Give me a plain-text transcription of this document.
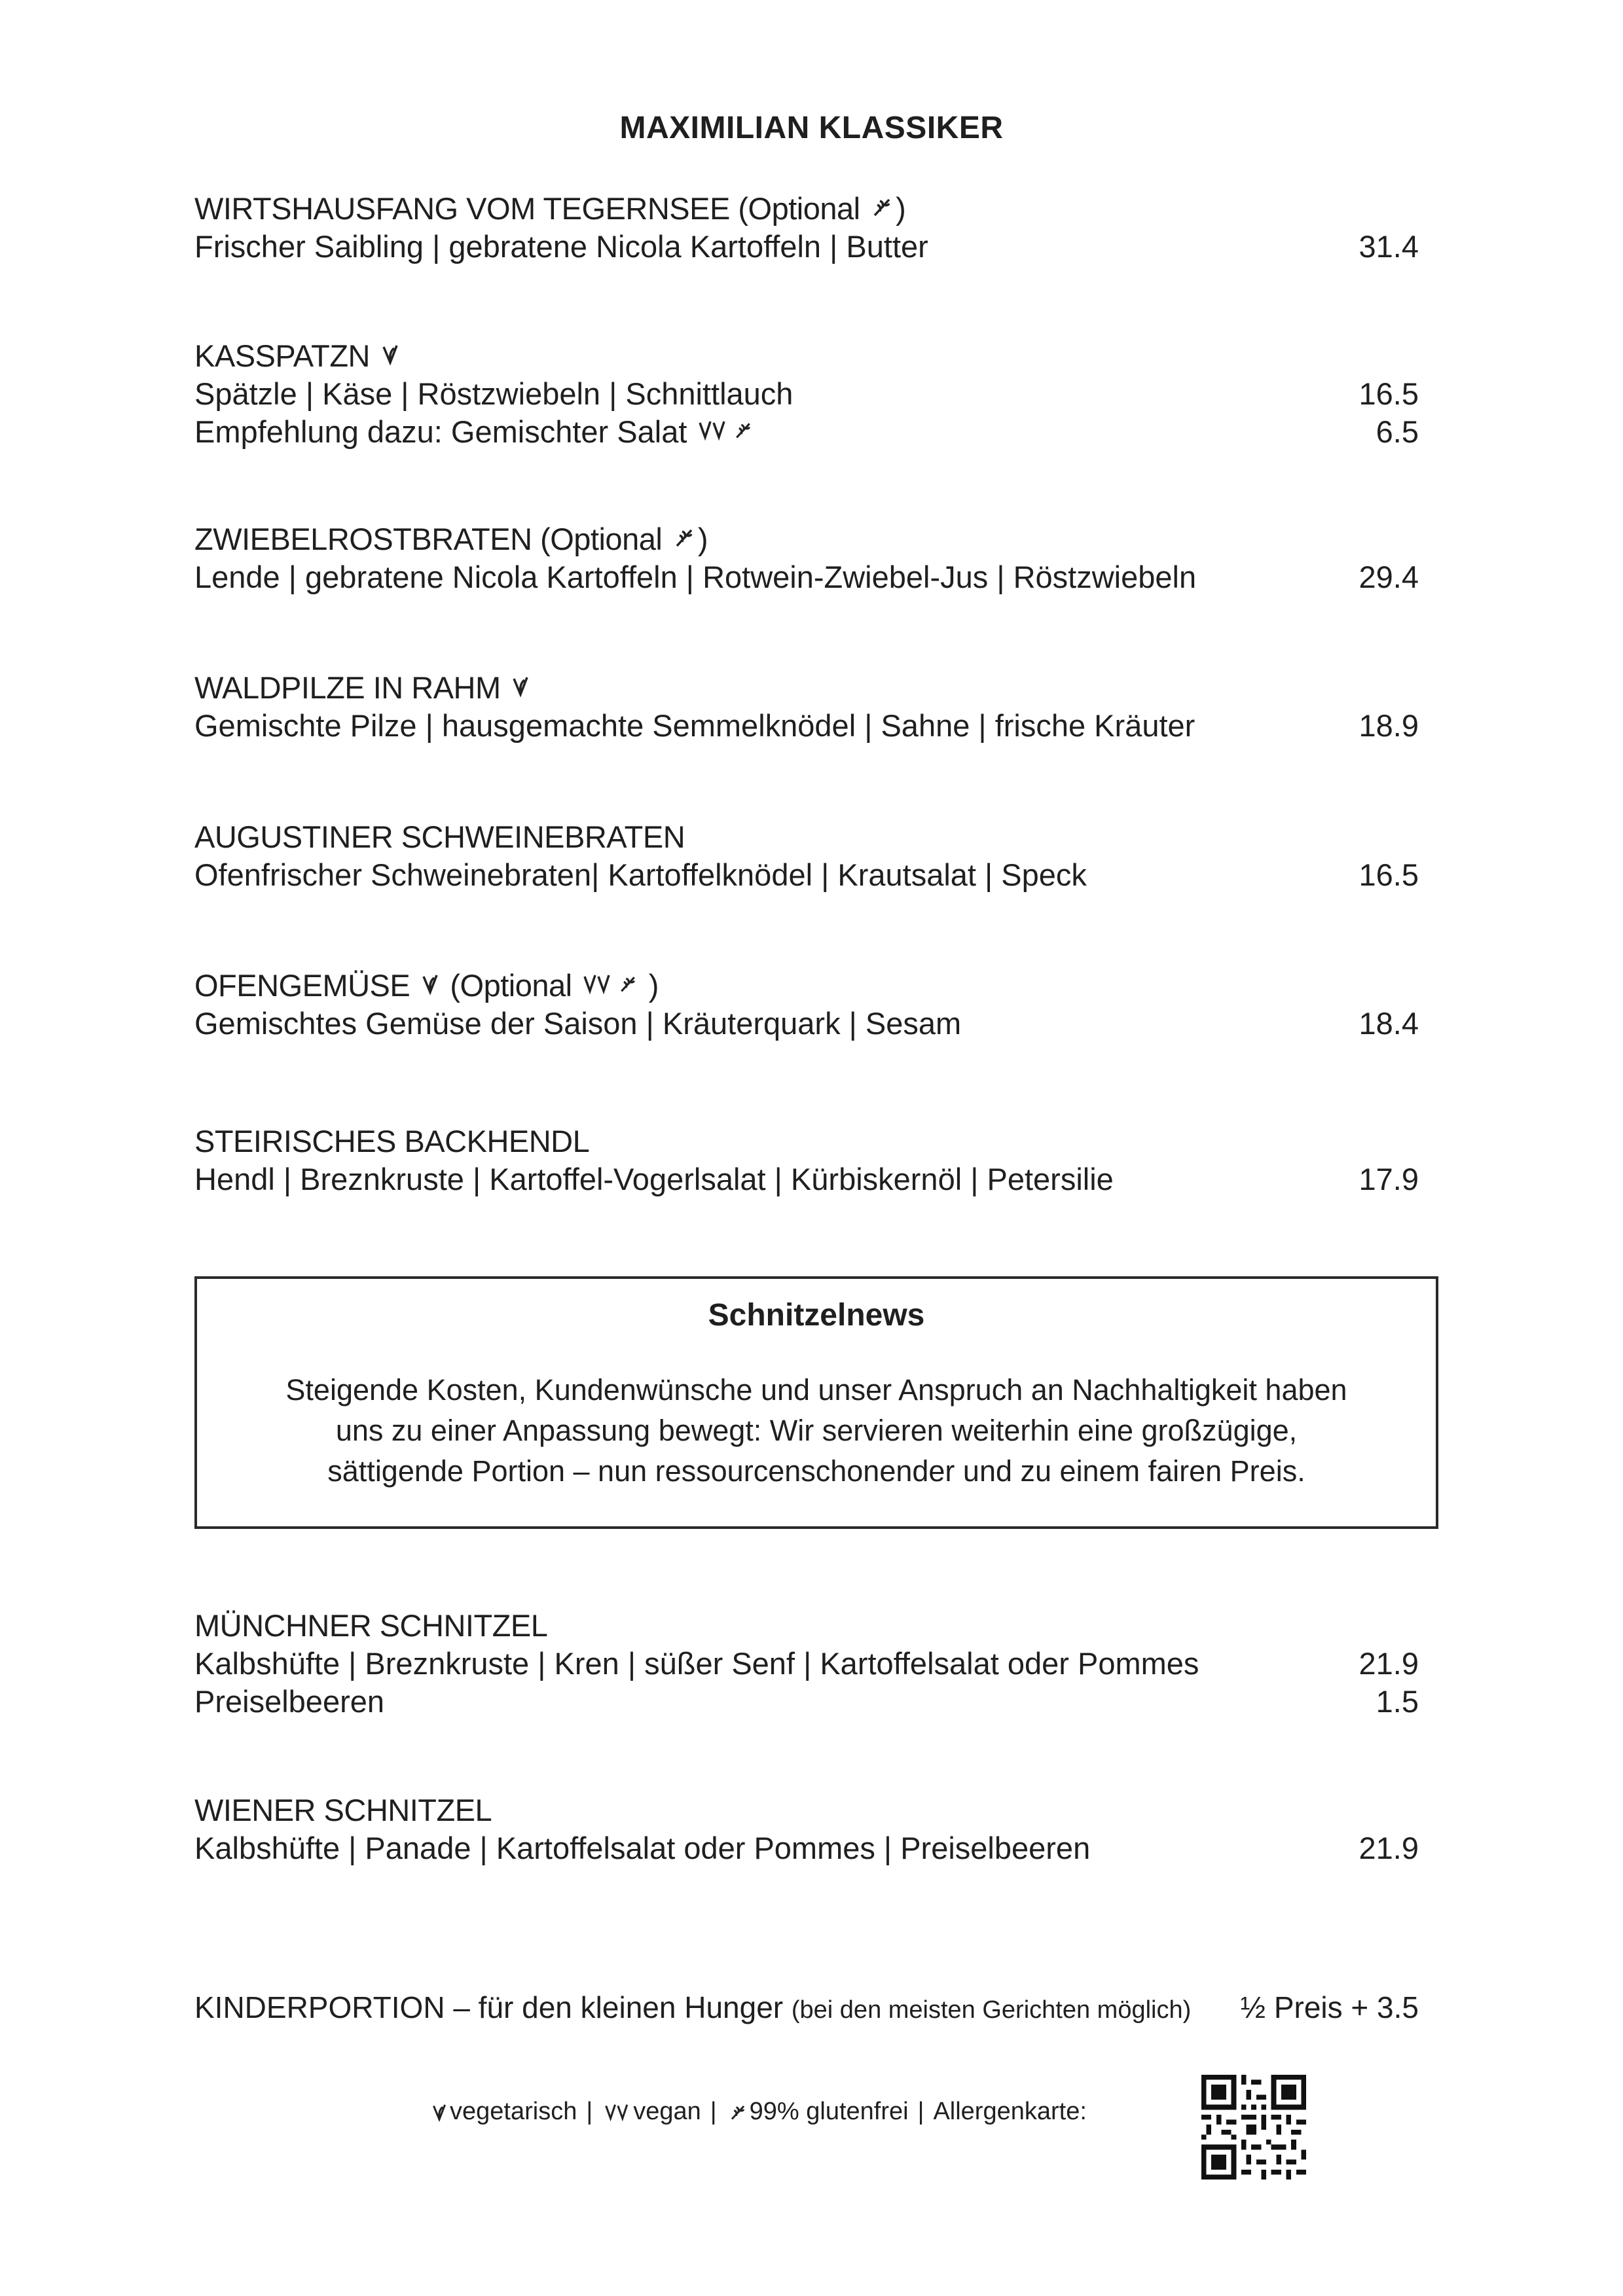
MAXIMILIAN KLASSIKER
WIRTSHAUSFANG VOM TEGERNSEE (Optional )
Frischer Saibling | gebratene Nicola Kartoffeln | Butter	31.4
KASSPATZN
Spätzle | Käse | Röstzwiebeln | Schnittlauch	16.5
Empfehlung dazu: Gemischter Salat	6.5
ZWIEBELROSTBRATEN (Optional )
Lende | gebratene Nicola Kartoffeln | Rotwein-Zwiebel-Jus | Röstzwiebeln	29.4
WALDPILZE IN RAHM
Gemischte Pilze | hausgemachte Semmelknödel | Sahne | frische Kräuter	18.9
AUGUSTINER SCHWEINEBRATEN
Ofenfrischer Schweinebraten| Kartoffelknödel | Krautsalat | Speck	16.5
OFENGEMÜSE (Optional )
Gemischtes Gemüse der Saison | Kräuterquark | Sesam	18.4
STEIRISCHES BACKHENDL
Hendl | Breznkruste | Kartoffel-Vogerlsalat | Kürbiskernöl | Petersilie	17.9
Schnitzelnews
Steigende Kosten, Kundenwünsche und unser Anspruch an Nachhaltigkeit haben
uns zu einer Anpassung bewegt: Wir servieren weiterhin eine großzügige,
sättigende Portion – nun ressourcenschonender und zu einem fairen Preis.
MÜNCHNER SCHNITZEL
Kalbshüfte | Breznkruste | Kren | süßer Senf | Kartoffelsalat oder Pommes	21.9
Preiselbeeren	1.5
WIENER SCHNITZEL
Kalbshüfte | Panade | Kartoffelsalat oder Pommes | Preiselbeeren	21.9
KINDERPORTION – für den kleinen Hunger (bei den meisten Gerichten möglich) ½ Preis + 3.5
vegetarisch | vegan | 99% glutenfrei | Allergenkarte:
